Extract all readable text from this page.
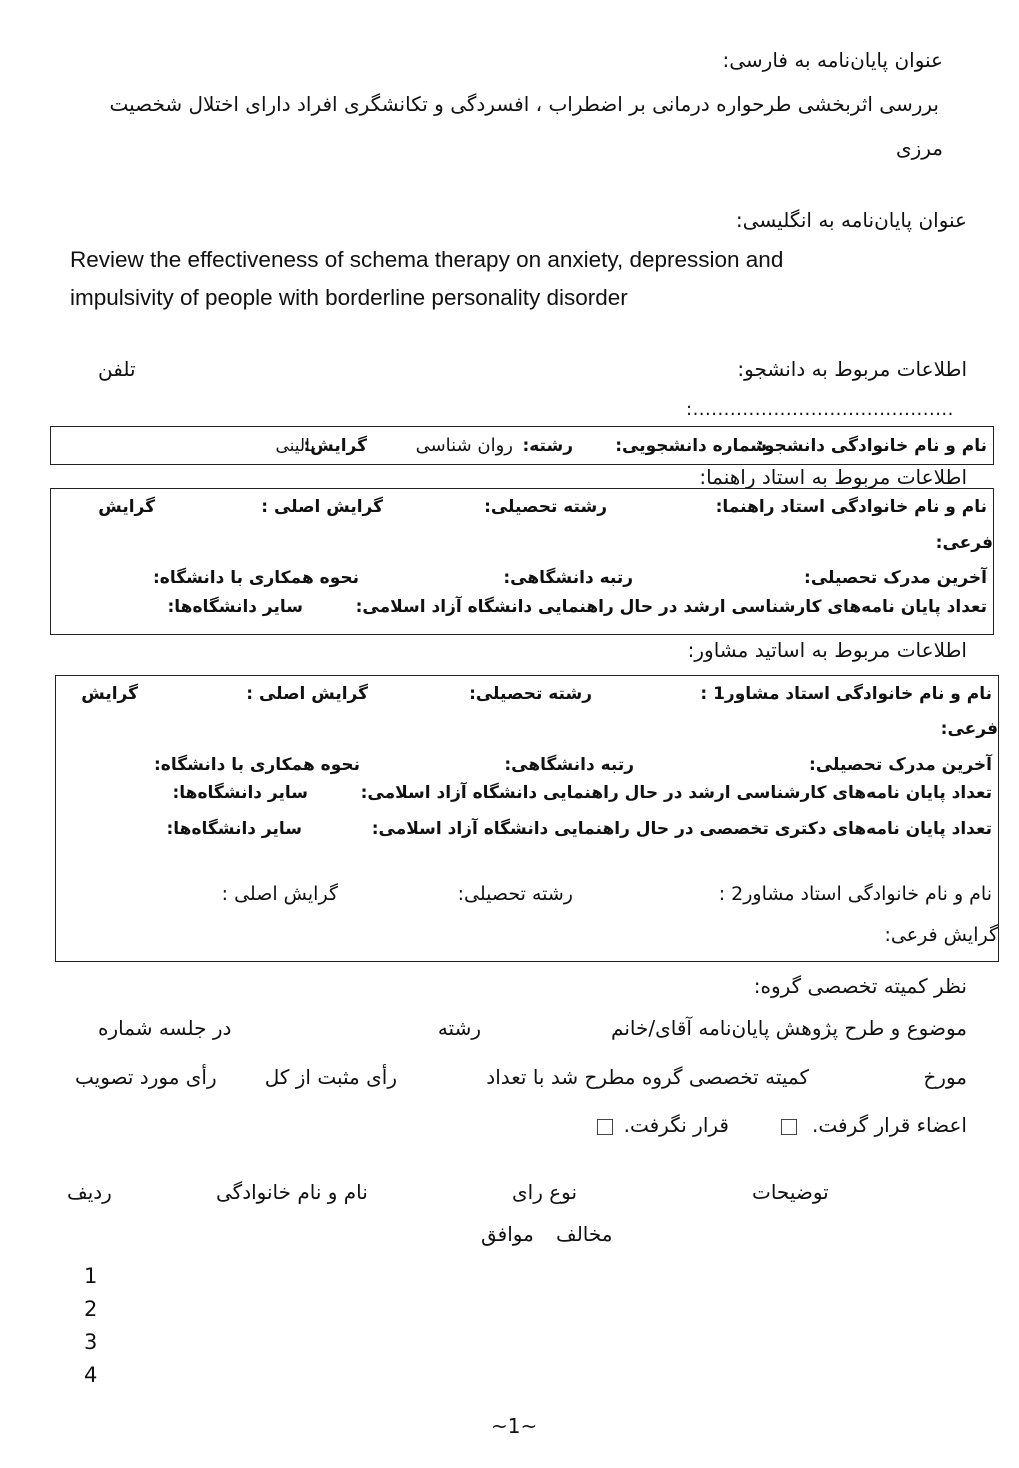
عنوان پایان‌نامه به فارسی:
بررسی اثربخشی طرحواره درمانی بر اضطراب ، افسردگی و تکانشگری افراد دارای اختلال شخصیت
مرزی
عنوان پایان‌نامه به انگلیسی:
Review the effectiveness of schema therapy on anxiety, depression and
impulsivity of people with borderline personality disorder
اطلاعات مربوط به دانشجو:
تلفن
:..........................................
نام و نام خانوادگی دانشجو:
شماره دانشجویی:
رشته:
روان شناسی
گرایش:
بالینی
اطلاعات مربوط به استاد راهنما:
نام و نام خانوادگی استاد راهنما:
رشته تحصیلی:
گرایش اصلی :
گرایش
فرعی:
آخرین مدرک تحصیلی:
رتبه دانشگاهی:
نحوه همکاری با دانشگاه:
تعداد پایان نامه‌های کارشناسی ارشد در حال راهنمایی دانشگاه آزاد اسلامی:
سایر دانشگاه‌ها:
اطلاعات مربوط به اساتید مشاور:
نام و نام خانوادگی استاد مشاور1 :
رشته تحصیلی:
گرایش اصلی :
گرایش
فرعی:
آخرین مدرک تحصیلی:
رتبه دانشگاهی:
نحوه همکاری با دانشگاه:
تعداد پایان نامه‌های کارشناسی ارشد در حال راهنمایی دانشگاه آزاد اسلامی:
سایر دانشگاه‌ها:
تعداد پایان نامه‌های دکتری تخصصی در حال راهنمایی دانشگاه آزاد اسلامی:
سایر دانشگاه‌ها:
نام و نام خانوادگی استاد مشاور2 :
رشته تحصیلی:
گرایش اصلی :
گرایش فرعی:
نظر کمیته تخصصی گروه:
موضوع و طرح پژوهش پایان‌نامه آقای/خانم
رشته
در جلسه شماره
مورخ
کمیته تخصصی گروه مطرح شد با تعداد
رأی مثبت از کل
رأی مورد تصویب
اعضاء قرار گرفت.
قرار نگرفت.
توضیحات
نوع رای
نام و نام خانوادگی
ردیف
مخالف
موافق
1
2
3
4
~1~
